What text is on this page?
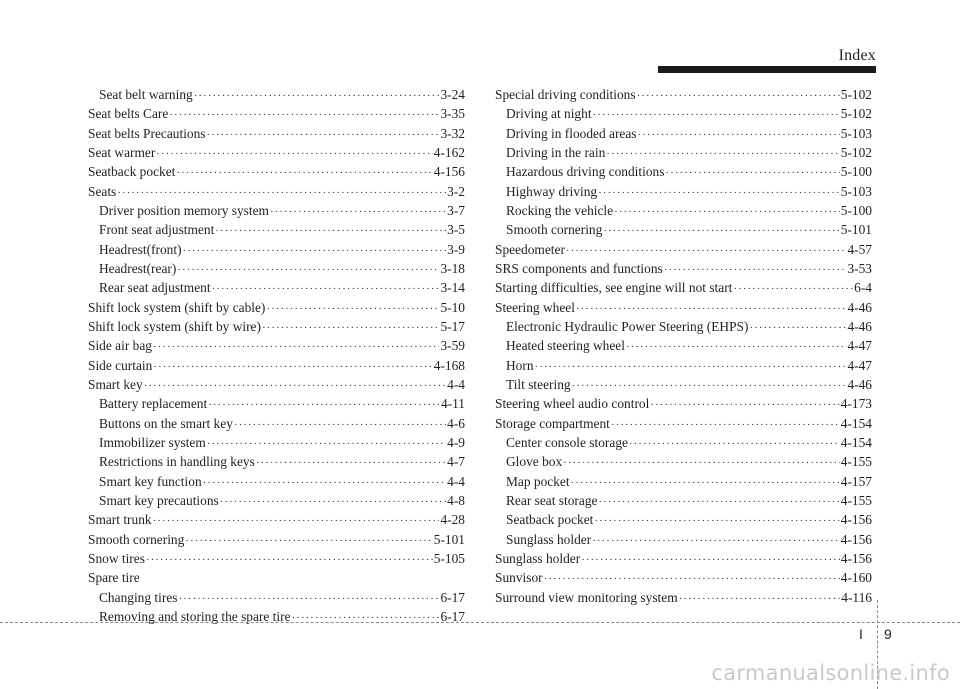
Index
Seat belt warning ·····	3-24
Seat belts Care ·····	3-35
Seat belts Precautions ·····	3-32
Seat warmer ·····	4-162
Seatback pocket ·····	4-156
Seats ·····	3-2
Driver position memory system ·····	3-7
Front seat adjustment ·····	3-5
Headrest(front) ·····	3-9
Headrest(rear) ·····	3-18
Rear seat adjustment ·····	3-14
Shift lock system (shift by cable) ·····	5-10
Shift lock system (shift by wire) ·····	5-17
Side air bag ·····	3-59
Side curtain ·····	4-168
Smart key ·····	4-4
Battery replacement ·····	4-11
Buttons on the smart key ·····	4-6
Immobilizer system ·····	4-9
Restrictions in handling keys ·····	4-7
Smart key function ·····	4-4
Smart key precautions ·····	4-8
Smart trunk ·····	4-28
Smooth cornering ·····	5-101
Snow tires ·····	5-105
Spare tire
Changing tires ·····	6-17
Removing and storing the spare tire ·····	6-17
Special driving conditions ·····	5-102
Driving at night ·····	5-102
Driving in flooded areas ·····	5-103
Driving in the rain ·····	5-102
Hazardous driving conditions ·····	5-100
Highway driving ·····	5-103
Rocking the vehicle ·····	5-100
Smooth cornering ·····	5-101
Speedometer ·····	4-57
SRS components and functions ·····	3-53
Starting difficulties, see engine will not start ·····	6-4
Steering wheel ·····	4-46
Electronic Hydraulic Power Steering (EHPS) ·····	4-46
Heated steering wheel ·····	4-47
Horn ·····	4-47
Tilt steering ·····	4-46
Steering wheel audio control ·····	4-173
Storage compartment ·····	4-154
Center console storage ·····	4-154
Glove box ·····	4-155
Map pocket ·····	4-157
Rear seat storage ·····	4-155
Seatback pocket ·····	4-156
Sunglass holder ·····	4-156
Sunglass holder ·····	4-156
Sunvisor ·····	4-160
Surround view monitoring system ·····	4-116
I 9
carmanualsonline.info
